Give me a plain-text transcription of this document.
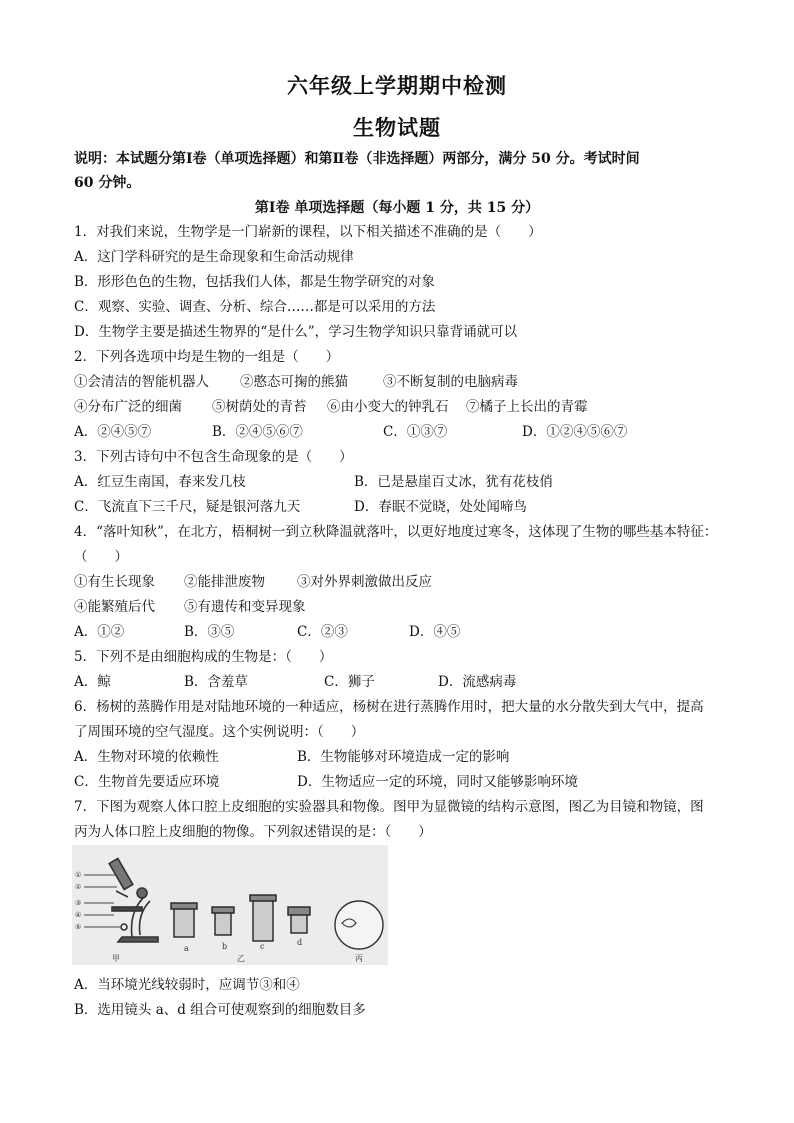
六年级上学期期中检测
生物试题
说明：本试题分第Ⅰ卷（单项选择题）和第Ⅱ卷（非选择题）两部分，满分 50 分。考试时间
60 分钟。
第Ⅰ卷 单项选择题（每小题 1 分，共 15 分）
1．对我们来说，生物学是一门崭新的课程，以下相关描述不准确的是（　　）
A．这门学科研究的是生命现象和生命活动规律
B．形形色色的生物，包括我们人体，都是生物学研究的对象
C．观察、实验、调查、分析、综合……都是可以采用的方法
D．生物学主要是描述生物界的“是什么”，学习生物学知识只靠背诵就可以
2．下列各选项中均是生物的一组是（　　）
①会清洁的智能机器人 ②憨态可掬的熊猫	③不断复制的电脑病毒
④分布广泛的细菌 ⑤树荫处的青苔 ⑥由小变大的钟乳石 ⑦橘子上长出的青霉
A．②④⑤⑦	B．②④⑤⑥⑦	C．①③⑦	D．①②④⑤⑥⑦
3．下列古诗句中不包含生命现象的是（　　）
A．红豆生南国，春来发几枝	B．已是悬崖百丈冰，犹有花枝俏
C．飞流直下三千尺，疑是银河落九天	D．春眠不觉晓，处处闻啼鸟
4．“落叶知秋”，在北方，梧桐树一到立秋降温就落叶，以更好地度过寒冬，这体现了生物的哪些基本特征：
（　　）
①有生长现象 ②能排泄废物 ③对外界刺激做出反应
④能繁殖后代 ⑤有遗传和变异现象
A．①②	B．③⑤	C．②③	D．④⑤
5．下列不是由细胞构成的生物是：（　　）
A．鲸	B．含羞草	C．狮子	D．流感病毒
6．杨树的蒸腾作用是对陆地环境的一种适应，杨树在进行蒸腾作用时，把大量的水分散失到大气中，提高
了周围环境的空气湿度。这个实例说明：（　　）
A．生物对环境的依赖性	B．生物能够对环境造成一定的影响
C．生物首先要适应环境	D．生物适应一定的环境，同时又能够影响环境
7．下图为观察人体口腔上皮细胞的实验器具和物像。图甲为显微镜的结构示意图，图乙为目镜和物镜，图
丙为人体口腔上皮细胞的物像。下列叙述错误的是：（　　）
①
②
③
④
⑤
a	b	c	d
甲	乙	丙
A．当环境光线较弱时，应调节③和④
B．选用镜头 a、d 组合可使观察到的细胞数目多
